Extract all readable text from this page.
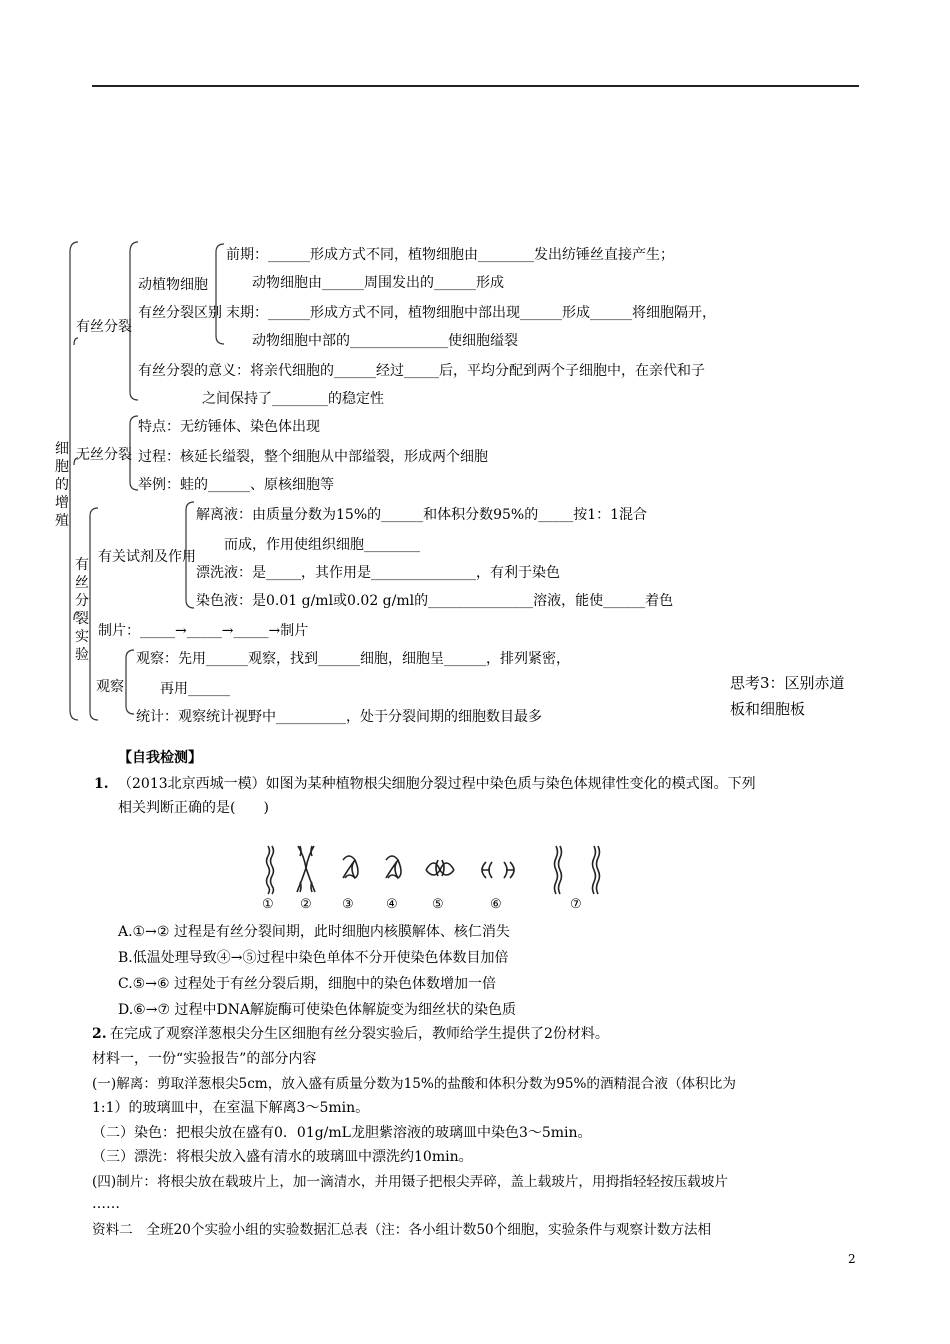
细胞的增殖
有丝分裂
动植物细胞
有丝分裂区别
前期：______形成方式不同，植物细胞由________发出纺锤丝直接产生；
动物细胞由______周围发出的______形成
末期：______形成方式不同，植物细胞中部出现______形成______将细胞隔开，
动物细胞中部的______________使细胞缢裂
有丝分裂的意义：将亲代细胞的______经过_____后，平均分配到两个子细胞中，在亲代和子
之间保持了________的稳定性
无丝分裂
特点：无纺锤体、染色体出现
过程：核延长缢裂，整个细胞从中部缢裂，形成两个细胞
举例：蛙的______、原核细胞等
有丝分裂实验
有关试剂及作用
解离液：由质量分数为15%的______和体积分数95%的_____按1：1混合
而成，作用使组织细胞________
漂洗液：是_____，其作用是_______________，有利于染色
染色液：是0.01 g/ml或0.02 g/ml的_______________溶液，能使______着色
制片：_____→_____→_____→制片
观察
观察：先用______观察，找到______细胞，细胞呈______，排列紧密，
再用______
统计：观察统计视野中__________，处于分裂间期的细胞数目最多
思考3：区别赤道
板和细胞板
【自我检测】
1. （2013北京西城一模）如图为某种植物根尖细胞分裂过程中染色质与染色体规律性变化的模式图。下列
相关判断正确的是(　　)
① ② ③ ④	⑤	⑥	⑦
A.①→② 过程是有丝分裂间期，此时细胞内核膜解体、核仁消失
B.低温处理导致④→⑤过程中染色单体不分开使染色体数目加倍
C.⑤→⑥ 过程处于有丝分裂后期，细胞中的染色体数增加一倍
D.⑥→⑦ 过程中DNA解旋酶可使染色体解旋变为细丝状的染色质
2. 在完成了观察洋葱根尖分生区细胞有丝分裂实验后，教师给学生提供了2份材料。
材料一，一份“实验报告”的部分内容
(一)解离：剪取洋葱根尖5cm，放入盛有质量分数为15%的盐酸和体积分数为95%的酒精混合液（体积比为
1:1）的玻璃皿中，在室温下解离3～5min。
（二）染色：把根尖放在盛有0．01g/mL龙胆紫溶液的玻璃皿中染色3～5min。
（三）漂洗：将根尖放入盛有清水的玻璃皿中漂洗约10min。
(四)制片：将根尖放在载玻片上，加一滴清水，并用镊子把根尖弄碎，盖上载玻片，用拇指轻轻按压载坡片
……
资料二　全班20个实验小组的实验数据汇总表（注：各小组计数50个细胞，实验条件与观察计数方法相
2
